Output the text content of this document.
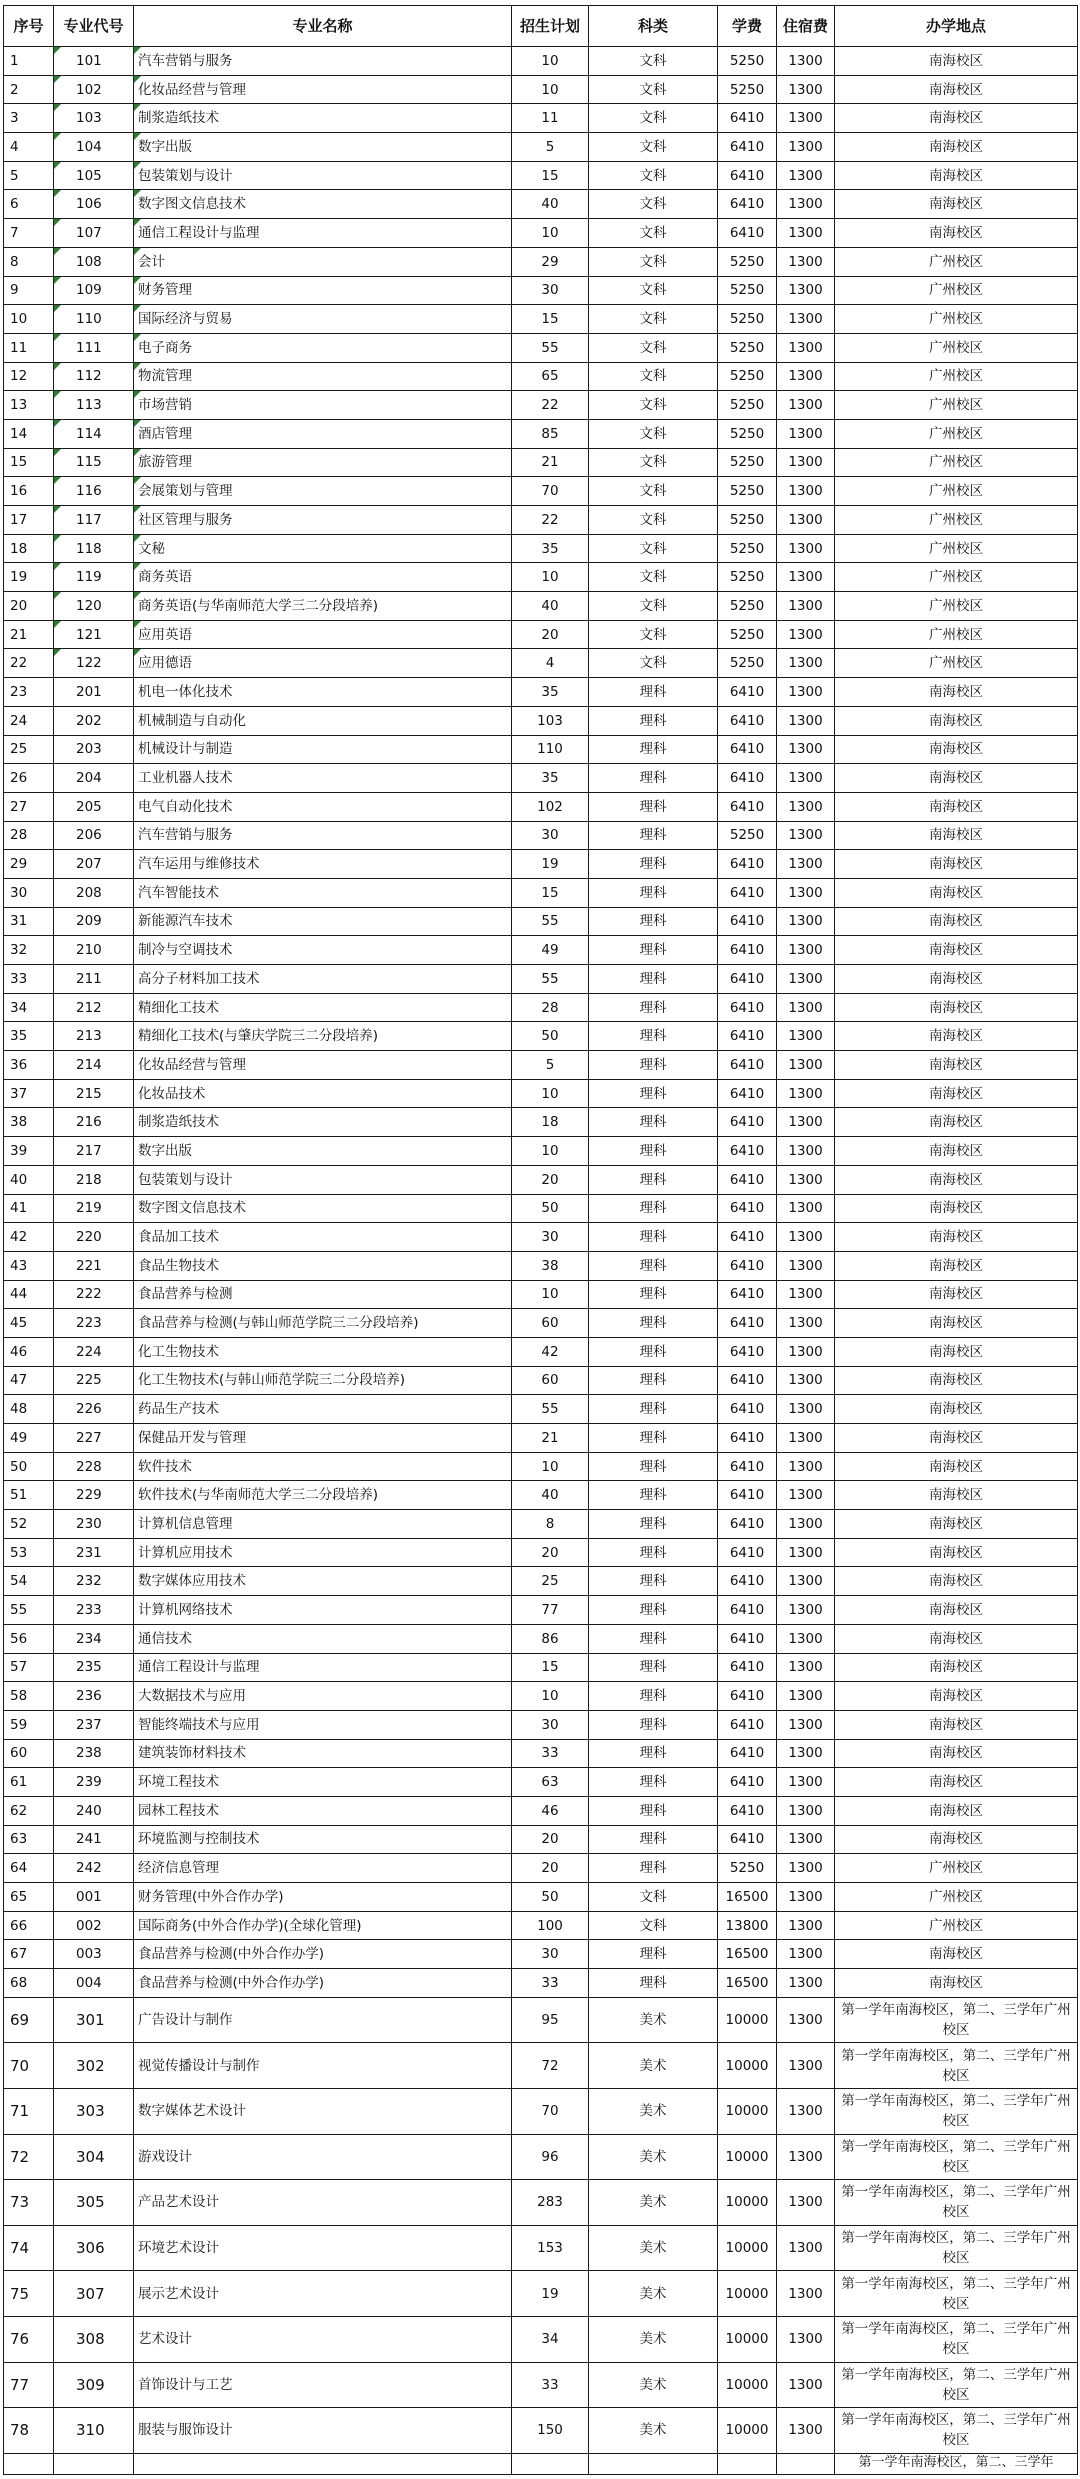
序号	专业代号	专业名称	招生计划	科类	学费	住宿费	办学地点
1	101	汽车营销与服务	10	文科	5250	1300	南海校区
2	102	化妆品经营与管理	10	文科	5250	1300	南海校区
3	103	制浆造纸技术	11	文科	6410	1300	南海校区
4	104	数字出版	5	文科	6410	1300	南海校区
5	105	包装策划与设计	15	文科	6410	1300	南海校区
6	106	数字图文信息技术	40	文科	6410	1300	南海校区
7	107	通信工程设计与监理	10	文科	6410	1300	南海校区
8	108	会计	29	文科	5250	1300	广州校区
9	109	财务管理	30	文科	5250	1300	广州校区
10	110	国际经济与贸易	15	文科	5250	1300	广州校区
11	111	电子商务	55	文科	5250	1300	广州校区
12	112	物流管理	65	文科	5250	1300	广州校区
13	113	市场营销	22	文科	5250	1300	广州校区
14	114	酒店管理	85	文科	5250	1300	广州校区
15	115	旅游管理	21	文科	5250	1300	广州校区
16	116	会展策划与管理	70	文科	5250	1300	广州校区
17	117	社区管理与服务	22	文科	5250	1300	广州校区
18	118	文秘	35	文科	5250	1300	广州校区
19	119	商务英语	10	文科	5250	1300	广州校区
20	120	商务英语(与华南师范大学三二分段培养)	40	文科	5250	1300	广州校区
21	121	应用英语	20	文科	5250	1300	广州校区
22	122	应用德语	4	文科	5250	1300	广州校区
23	201	机电一体化技术	35	理科	6410	1300	南海校区
24	202	机械制造与自动化	103	理科	6410	1300	南海校区
25	203	机械设计与制造	110	理科	6410	1300	南海校区
26	204	工业机器人技术	35	理科	6410	1300	南海校区
27	205	电气自动化技术	102	理科	6410	1300	南海校区
28	206	汽车营销与服务	30	理科	5250	1300	南海校区
29	207	汽车运用与维修技术	19	理科	6410	1300	南海校区
30	208	汽车智能技术	15	理科	6410	1300	南海校区
31	209	新能源汽车技术	55	理科	6410	1300	南海校区
32	210	制冷与空调技术	49	理科	6410	1300	南海校区
33	211	高分子材料加工技术	55	理科	6410	1300	南海校区
34	212	精细化工技术	28	理科	6410	1300	南海校区
35	213	精细化工技术(与肇庆学院三二分段培养)	50	理科	6410	1300	南海校区
36	214	化妆品经营与管理	5	理科	6410	1300	南海校区
37	215	化妆品技术	10	理科	6410	1300	南海校区
38	216	制浆造纸技术	18	理科	6410	1300	南海校区
39	217	数字出版	10	理科	6410	1300	南海校区
40	218	包装策划与设计	20	理科	6410	1300	南海校区
41	219	数字图文信息技术	50	理科	6410	1300	南海校区
42	220	食品加工技术	30	理科	6410	1300	南海校区
43	221	食品生物技术	38	理科	6410	1300	南海校区
44	222	食品营养与检测	10	理科	6410	1300	南海校区
45	223	食品营养与检测(与韩山师范学院三二分段培养)	60	理科	6410	1300	南海校区
46	224	化工生物技术	42	理科	6410	1300	南海校区
47	225	化工生物技术(与韩山师范学院三二分段培养)	60	理科	6410	1300	南海校区
48	226	药品生产技术	55	理科	6410	1300	南海校区
49	227	保健品开发与管理	21	理科	6410	1300	南海校区
50	228	软件技术	10	理科	6410	1300	南海校区
51	229	软件技术(与华南师范大学三二分段培养)	40	理科	6410	1300	南海校区
52	230	计算机信息管理	8	理科	6410	1300	南海校区
53	231	计算机应用技术	20	理科	6410	1300	南海校区
54	232	数字媒体应用技术	25	理科	6410	1300	南海校区
55	233	计算机网络技术	77	理科	6410	1300	南海校区
56	234	通信技术	86	理科	6410	1300	南海校区
57	235	通信工程设计与监理	15	理科	6410	1300	南海校区
58	236	大数据技术与应用	10	理科	6410	1300	南海校区
59	237	智能终端技术与应用	30	理科	6410	1300	南海校区
60	238	建筑装饰材料技术	33	理科	6410	1300	南海校区
61	239	环境工程技术	63	理科	6410	1300	南海校区
62	240	园林工程技术	46	理科	6410	1300	南海校区
63	241	环境监测与控制技术	20	理科	6410	1300	南海校区
64	242	经济信息管理	20	理科	5250	1300	广州校区
65	001	财务管理(中外合作办学)	50	文科	16500	1300	广州校区
66	002	国际商务(中外合作办学)(全球化管理)	100	文科	13800	1300	广州校区
67	003	食品营养与检测(中外合作办学)	30	理科	16500	1300	南海校区
68	004	食品营养与检测(中外合作办学)	33	理科	16500	1300	南海校区
69	301	广告设计与制作	95	美术	10000	1300	第一学年南海校区，第二、三学年广州校区
70	302	视觉传播设计与制作	72	美术	10000	1300	第一学年南海校区，第二、三学年广州校区
71	303	数字媒体艺术设计	70	美术	10000	1300	第一学年南海校区，第二、三学年广州校区
72	304	游戏设计	96	美术	10000	1300	第一学年南海校区，第二、三学年广州校区
73	305	产品艺术设计	283	美术	10000	1300	第一学年南海校区，第二、三学年广州校区
74	306	环境艺术设计	153	美术	10000	1300	第一学年南海校区，第二、三学年广州校区
75	307	展示艺术设计	19	美术	10000	1300	第一学年南海校区，第二、三学年广州校区
76	308	艺术设计	34	美术	10000	1300	第一学年南海校区，第二、三学年广州校区
77	309	首饰设计与工艺	33	美术	10000	1300	第一学年南海校区，第二、三学年广州校区
78	310	服装与服饰设计	150	美术	10000	1300	第一学年南海校区，第二、三学年广州校区
							第一学年南海校区，第二、三学年
